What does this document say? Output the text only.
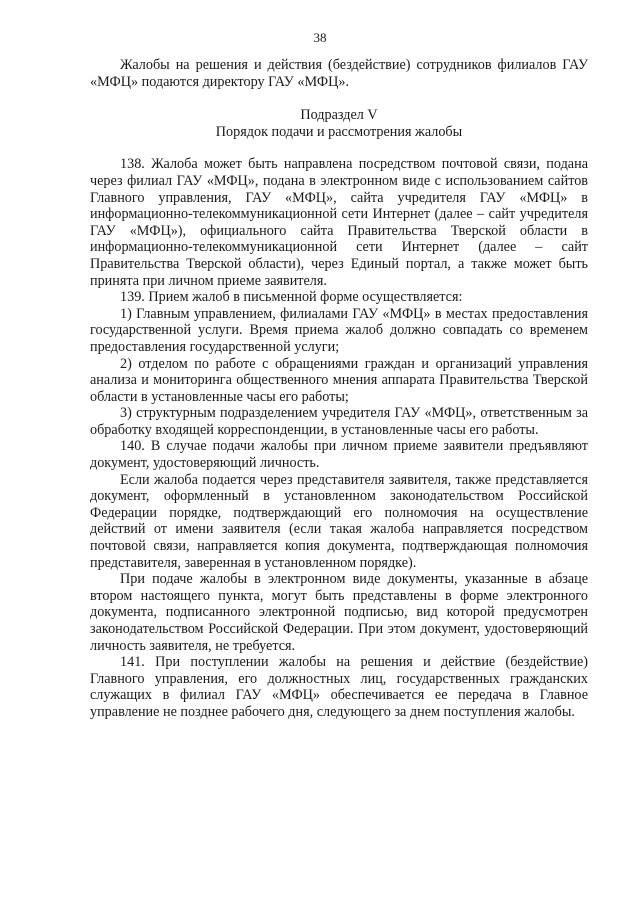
38

Жалобы на решения и действия (бездействие) сотрудников филиалов ГАУ «МФЦ» подаются директору ГАУ «МФЦ».

Подраздел V

Порядок подачи и рассмотрения жалобы

138. Жалоба может быть направлена посредством почтовой связи, подана через филиал ГАУ «МФЦ», подана в электронном виде с использованием сайтов Главного управления, ГАУ «МФЦ», сайта учредителя ГАУ «МФЦ» в информационно-телекоммуникационной сети Интернет (далее – сайт учредителя ГАУ «МФЦ»), официального сайта Правительства Тверской области в информационно-телекоммуникационной сети Интернет (далее – сайт Правительства Тверской области), через Единый портал, а также может быть принята при личном приеме заявителя.

139. Прием жалоб в письменной форме осуществляется:

1) Главным управлением, филиалами ГАУ «МФЦ» в местах предоставления государственной услуги. Время приема жалоб должно совпадать со временем предоставления государственной услуги;

2) отделом по работе с обращениями граждан и организаций управления анализа и мониторинга общественного мнения аппарата Правительства Тверской области в установленные часы его работы;

3) структурным подразделением учредителя ГАУ «МФЦ», ответственным за обработку входящей корреспонденции, в установленные часы его работы.

140. В случае подачи жалобы при личном приеме заявители предъявляют документ, удостоверяющий личность.

Если жалоба подается через представителя заявителя, также представляется документ, оформленный в установленном законодательством Российской Федерации порядке, подтверждающий его полномочия на осуществление действий от имени заявителя (если такая жалоба направляется посредством почтовой связи, направляется копия документа, подтверждающая полномочия представителя, заверенная в установленном порядке).

При подаче жалобы в электронном виде документы, указанные в абзаце втором настоящего пункта, могут быть представлены в форме электронного документа, подписанного электронной подписью, вид которой предусмотрен законодательством Российской Федерации. При этом документ, удостоверяющий личность заявителя, не требуется.

141. При поступлении жалобы на решения и действие (бездействие) Главного управления, его должностных лиц, государственных гражданских служащих в филиал ГАУ «МФЦ» обеспечивается ее передача в Главное управление не позднее рабочего дня, следующего за днем поступления жалобы.
